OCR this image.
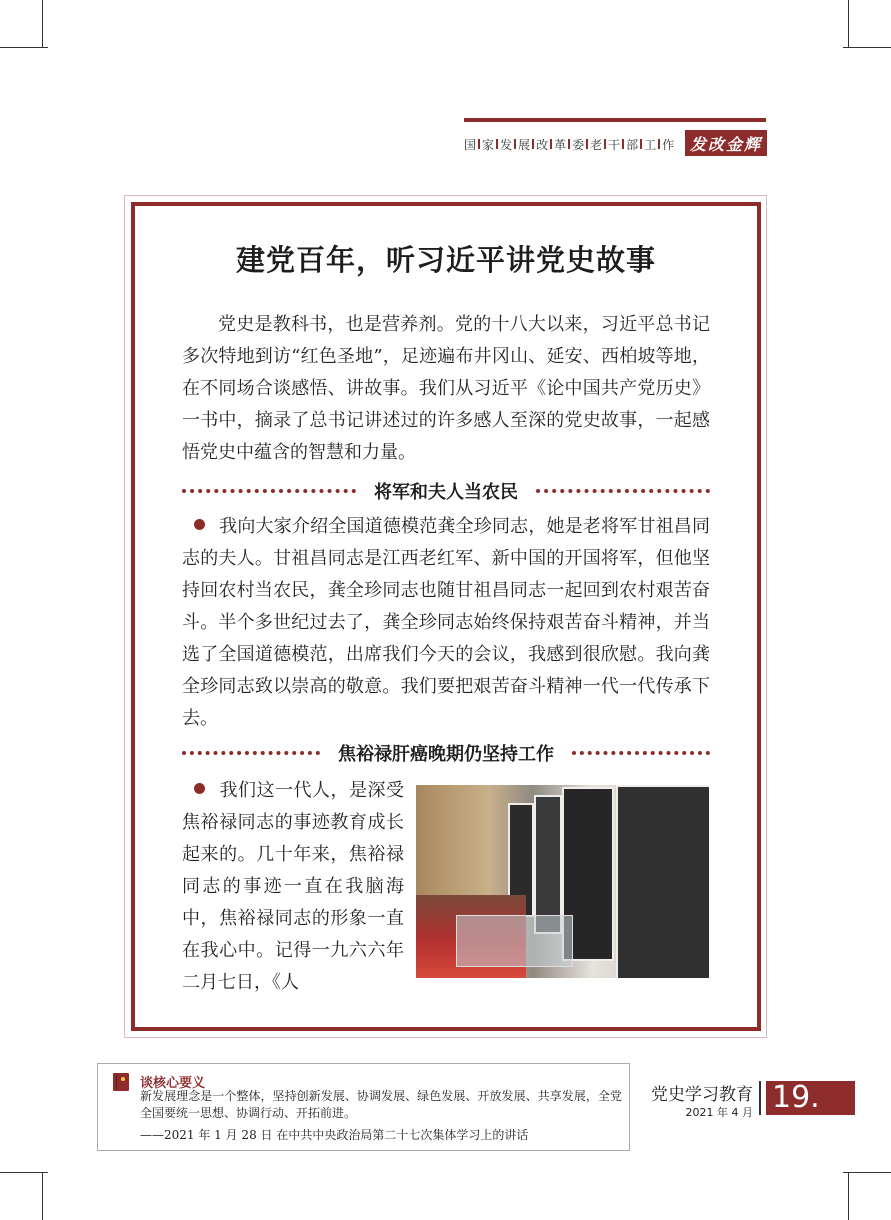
国 家 发 展 改 革 委 老 干 部 工 作 发改金辉
建党百年，听习近平讲党史故事

党史是教科书，也是营养剂。党的十八大以来，习近平总书记多次特地到访“红色圣地”，足迹遍布井冈山、延安、西柏坡等地，在不同场合谈感悟、讲故事。我们从习近平《论中国共产党历史》一书中，摘录了总书记讲述过的许多感人至深的党史故事，一起感悟党史中蕴含的智慧和力量。

将军和夫人当农民

我向大家介绍全国道德模范龚全珍同志，她是老将军甘祖昌同志的夫人。甘祖昌同志是江西老红军、新中国的开国将军，但他坚持回农村当农民，龚全珍同志也随甘祖昌同志一起回到农村艰苦奋斗。半个多世纪过去了，龚全珍同志始终保持艰苦奋斗精神，并当选了全国道德模范，出席我们今天的会议，我感到很欣慰。我向龚全珍同志致以崇高的敬意。我们要把艰苦奋斗精神一代一代传承下去。

焦裕禄肝癌晚期仍坚持工作

我们这一代人，是深受焦裕禄同志的事迹教育成长起来的。几十年来，焦裕禄同志的事迹一直在我脑海中，焦裕禄同志的形象一直在我心中。记得一九六六年二月七日，《人

谈核心要义

新发展理念是一个整体，坚持创新发展、协调发展、绿色发展、开放发展、共享发展，全党全国要统一思想、协调行动、开拓前进。

——2021 年 1 月 28 日 在中共中央政治局第二十七次集体学习上的讲话
党史学习教育
2021 年 4 月 19.
